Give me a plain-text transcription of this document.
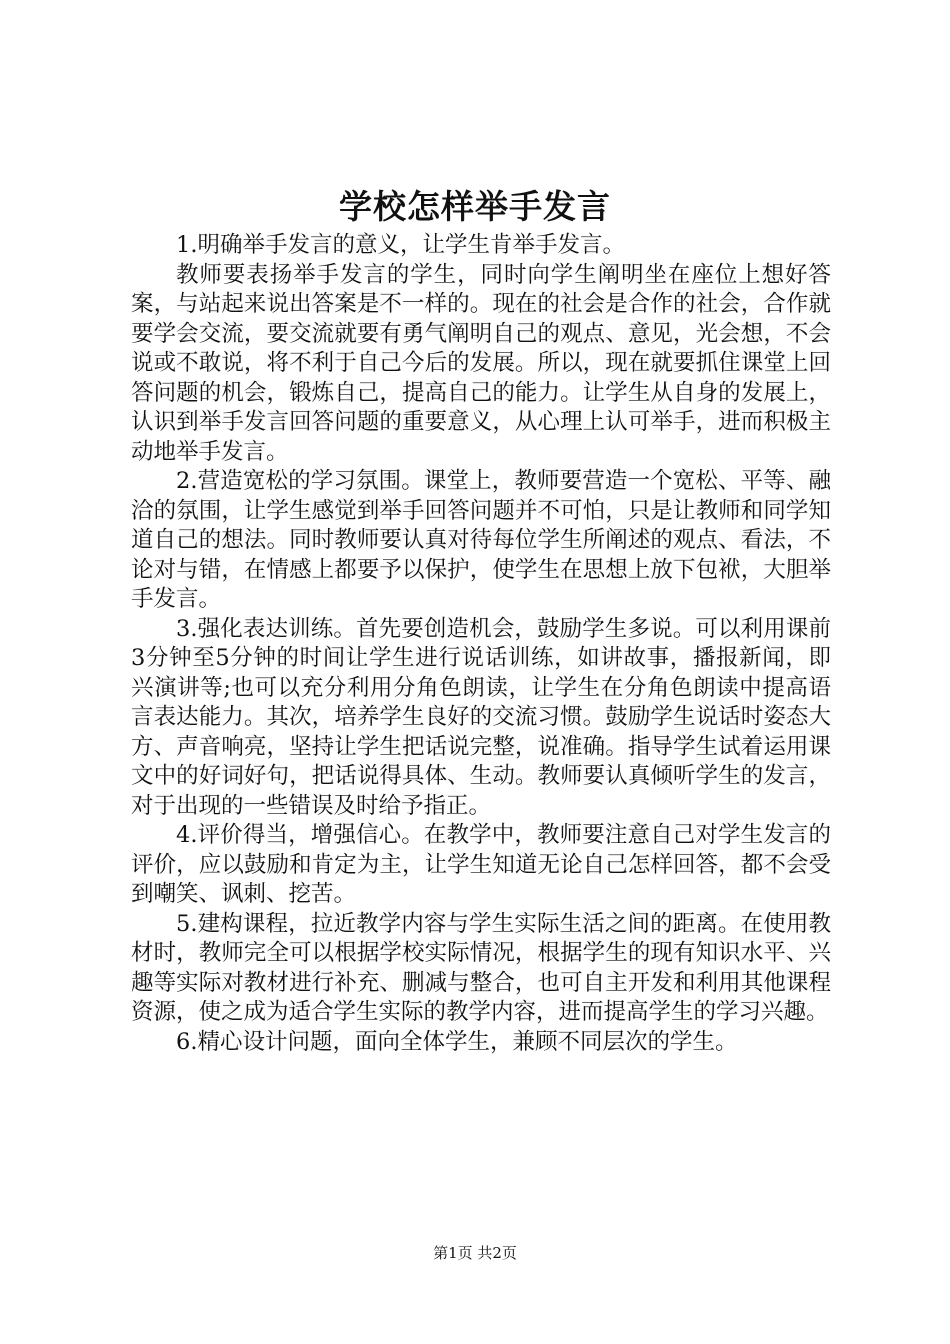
学校怎样举手发言

1.明确举手发言的意义，让学生肯举手发言。

教师要表扬举手发言的学生，同时向学生阐明坐在座位上想好答案，与站起来说出答案是不一样的。现在的社会是合作的社会，合作就要学会交流，要交流就要有勇气阐明自己的观点、意见，光会想，不会说或不敢说，将不利于自己今后的发展。所以，现在就要抓住课堂上回答问题的机会，锻炼自己，提高自己的能力。让学生从自身的发展上，认识到举手发言回答问题的重要意义，从心理上认可举手，进而积极主动地举手发言。

2.营造宽松的学习氛围。课堂上，教师要营造一个宽松、平等、融洽的氛围，让学生感觉到举手回答问题并不可怕，只是让教师和同学知道自己的想法。同时教师要认真对待每位学生所阐述的观点、看法，不论对与错，在情感上都要予以保护，使学生在思想上放下包袱，大胆举手发言。

3.强化表达训练。首先要创造机会，鼓励学生多说。可以利用课前3分钟至5分钟的时间让学生进行说话训练，如讲故事，播报新闻，即兴演讲等;也可以充分利用分角色朗读，让学生在分角色朗读中提高语言表达能力。其次，培养学生良好的交流习惯。鼓励学生说话时姿态大方、声音响亮，坚持让学生把话说完整，说准确。指导学生试着运用课文中的好词好句，把话说得具体、生动。教师要认真倾听学生的发言，对于出现的一些错误及时给予指正。

4.评价得当，增强信心。在教学中，教师要注意自己对学生发言的评价，应以鼓励和肯定为主，让学生知道无论自己怎样回答，都不会受到嘲笑、讽刺、挖苦。

5.建构课程，拉近教学内容与学生实际生活之间的距离。在使用教材时，教师完全可以根据学校实际情况，根据学生的现有知识水平、兴趣等实际对教材进行补充、删减与整合，也可自主开发和利用其他课程资源，使之成为适合学生实际的教学内容，进而提高学生的学习兴趣。

6.精心设计问题，面向全体学生，兼顾不同层次的学生。

第1页 共2页
